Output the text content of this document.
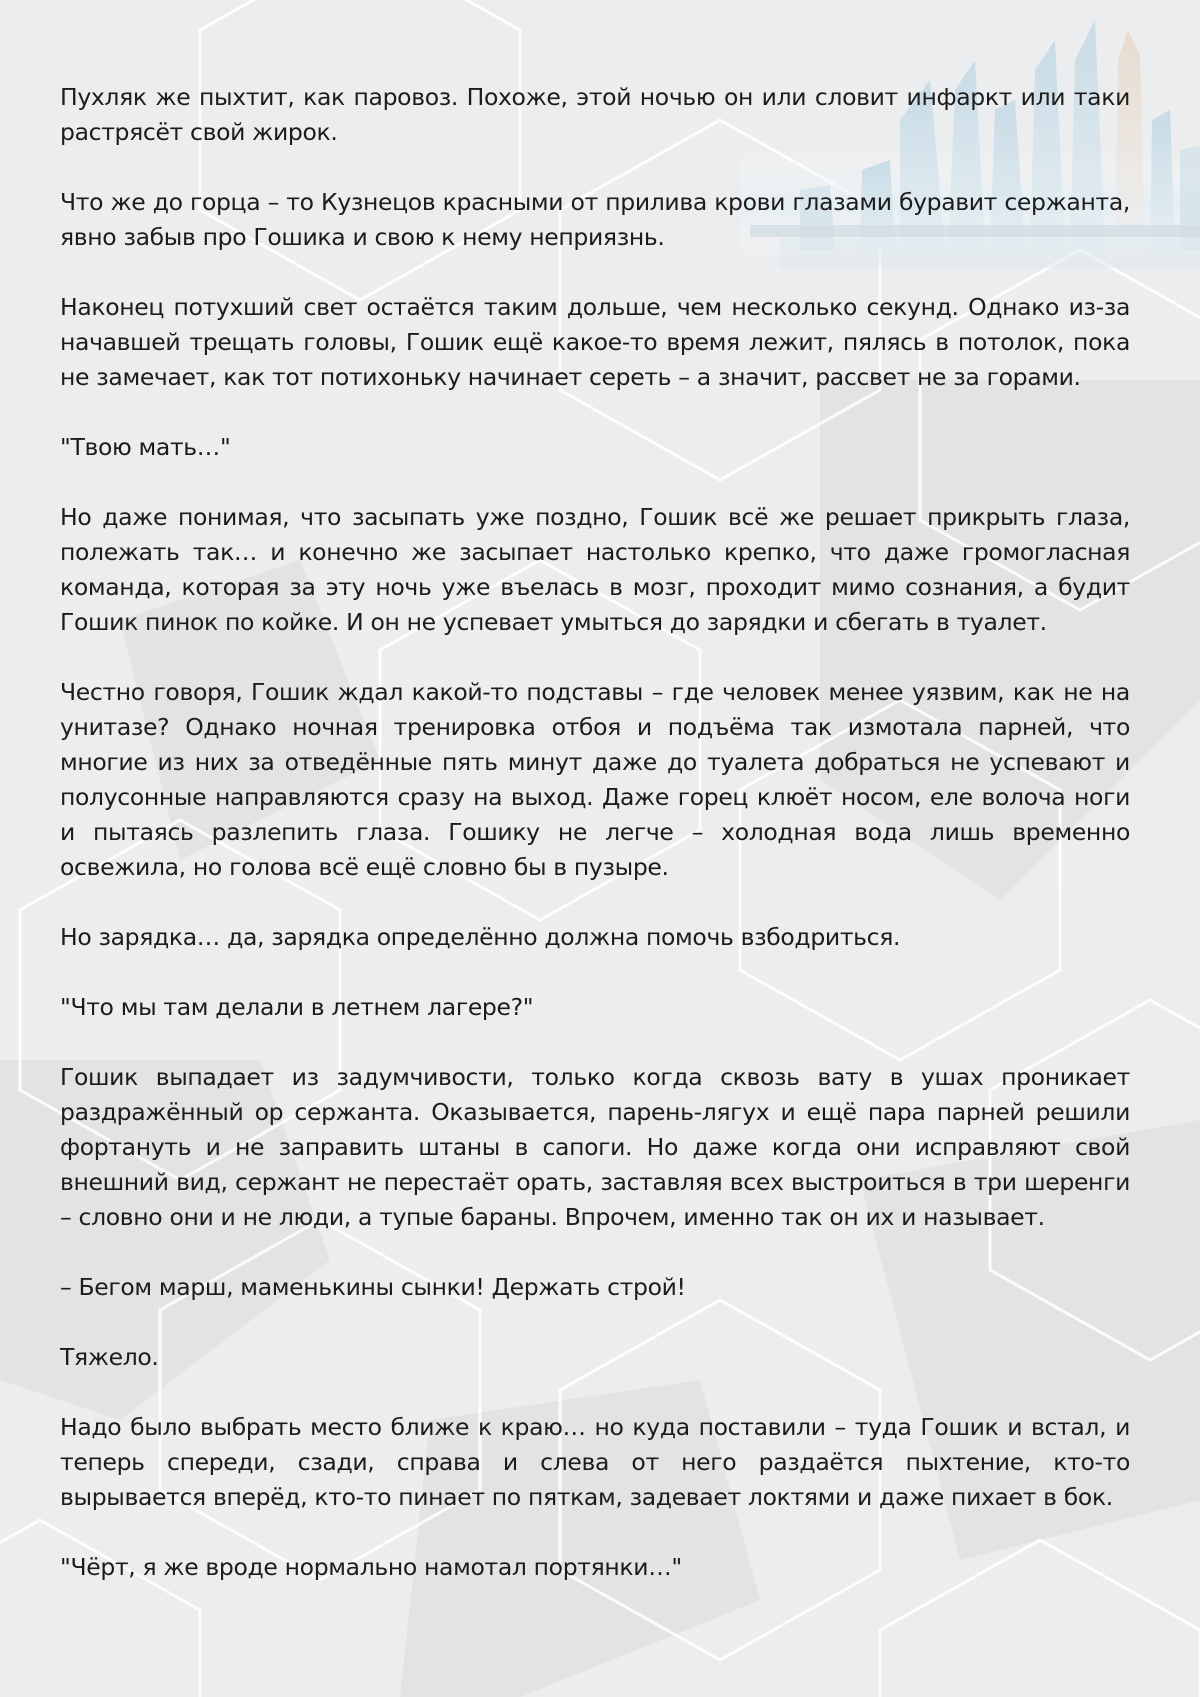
Пухляк же пыхтит, как паровоз. Похоже, этой ночью он или словит инфаркт или таки растрясёт свой жирок.

Что же до горца – то Кузнецов красными от прилива крови глазами буравит сержанта, явно забыв про Гошика и свою к нему неприязнь.

Наконец потухший свет остаётся таким дольше, чем несколько секунд. Однако из-за начавшей трещать головы, Гошик ещё какое-то время лежит, пялясь в потолок, пока не замечает, как тот потихоньку начинает сереть – а значит, рассвет не за горами.

"Твою мать…"

Но даже понимая, что засыпать уже поздно, Гошик всё же решает прикрыть глаза, полежать так… и конечно же засыпает настолько крепко, что даже громогласная команда, которая за эту ночь уже въелась в мозг, проходит мимо сознания, а будит Гошик пинок по койке. И он не успевает умыться до зарядки и сбегать в туалет.

Честно говоря, Гошик ждал какой-то подставы – где человек менее уязвим, как не на унитазе? Однако ночная тренировка отбоя и подъёма так измотала парней, что многие из них за отведённые пять минут даже до туалета добраться не успевают и полусонные направляются сразу на выход. Даже горец клюёт носом, еле волоча ноги и пытаясь разлепить глаза. Гошику не легче – холодная вода лишь временно освежила, но голова всё ещё словно бы в пузыре.

Но зарядка… да, зарядка определённо должна помочь взбодриться.

"Что мы там делали в летнем лагере?"

Гошик выпадает из задумчивости, только когда сквозь вату в ушах проникает раздражённый ор сержанта. Оказывается, парень-лягух и ещё пара парней решили фортануть и не заправить штаны в сапоги. Но даже когда они исправляют свой внешний вид, сержант не перестаёт орать, заставляя всех выстроиться в три шеренги – словно они и не люди, а тупые бараны. Впрочем, именно так он их и называет.

– Бегом марш, маменькины сынки! Держать строй!

Тяжело.

Надо было выбрать место ближе к краю… но куда поставили – туда Гошик и встал, и теперь спереди, сзади, справа и слева от него раздаётся пыхтение, кто-то вырывается вперёд, кто-то пинает по пяткам, задевает локтями и даже пихает в бок.

"Чёрт, я же вроде нормально намотал портянки…"
